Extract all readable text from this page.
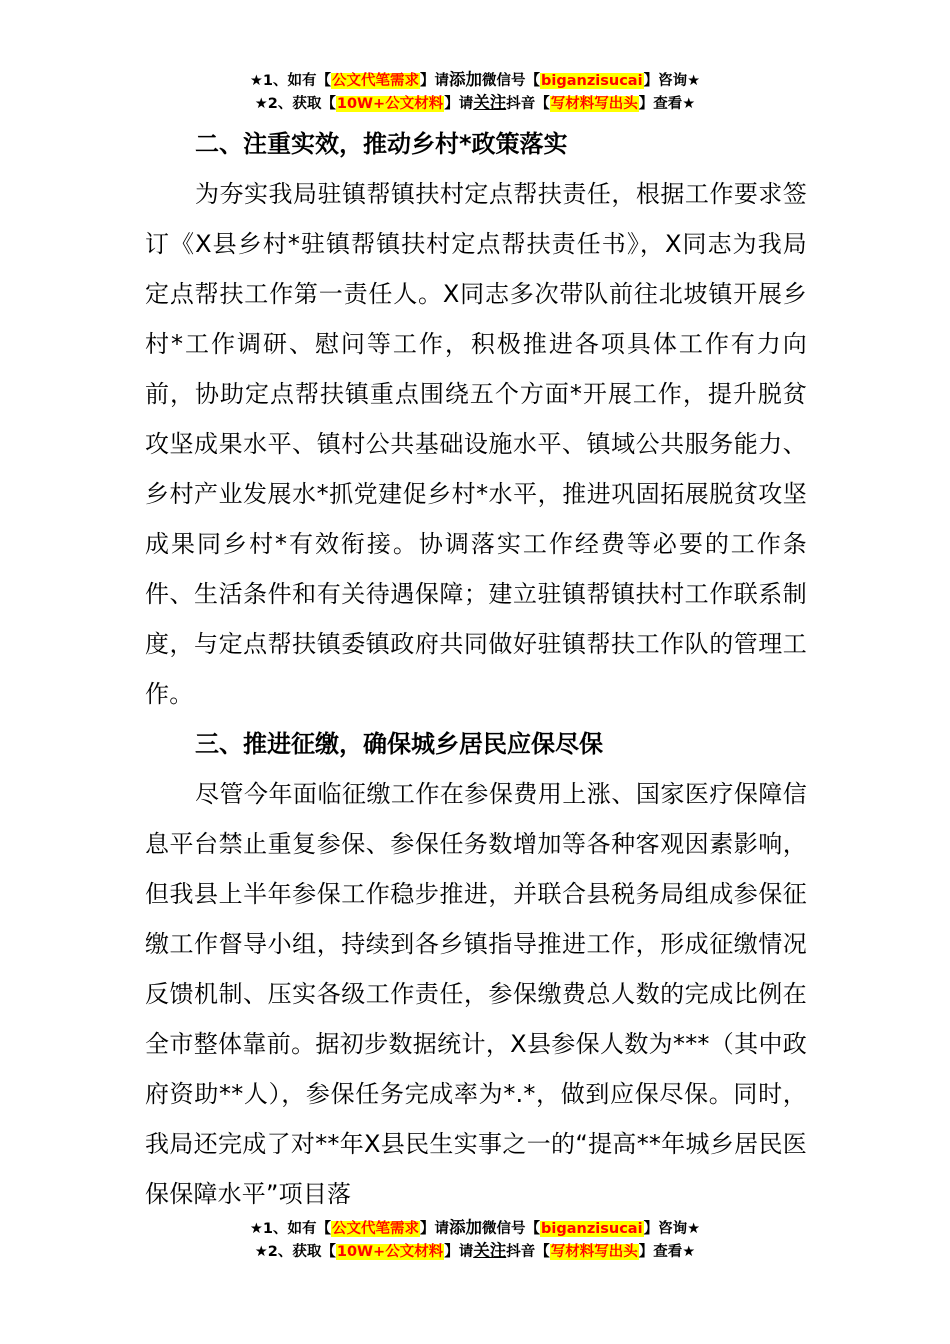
★1、如有【公文代笔需求】请添加微信号【biganzisucai】咨询★
★2、获取【10W+公文材料】请关注抖音【写材料写出头】查看★
二、注重实效，推动乡村*政策落实

为夯实我局驻镇帮镇扶村定点帮扶责任，根据工作要求签订《X县乡村*驻镇帮镇扶村定点帮扶责任书》，X同志为我局定点帮扶工作第一责任人。X同志多次带队前往北坡镇开展乡村*工作调研、慰问等工作，积极推进各项具体工作有力向前，协助定点帮扶镇重点围绕五个方面*开展工作，提升脱贫攻坚成果水平、镇村公共基础设施水平、镇域公共服务能力、乡村产业发展水*抓党建促乡村*水平，推进巩固拓展脱贫攻坚成果同乡村*有效衔接。协调落实工作经费等必要的工作条件、生活条件和有关待遇保障；建立驻镇帮镇扶村工作联系制度，与定点帮扶镇委镇政府共同做好驻镇帮扶工作队的管理工作。

三、推进征缴，确保城乡居民应保尽保

尽管今年面临征缴工作在参保费用上涨、国家医疗保障信息平台禁止重复参保、参保任务数增加等各种客观因素影响，但我县上半年参保工作稳步推进，并联合县税务局组成参保征缴工作督导小组，持续到各乡镇指导推进工作，形成征缴情况反馈机制、压实各级工作责任，参保缴费总人数的完成比例在全市整体靠前。据初步数据统计，X县参保人数为***（其中政府资助**人），参保任务完成率为*.*，做到应保尽保。同时，我局还完成了对**年X县民生实事之一的“提高**年城乡居民医保保障水平”项目落

★1、如有【公文代笔需求】请添加微信号【biganzisucai】咨询★
★2、获取【10W+公文材料】请关注抖音【写材料写出头】查看★
